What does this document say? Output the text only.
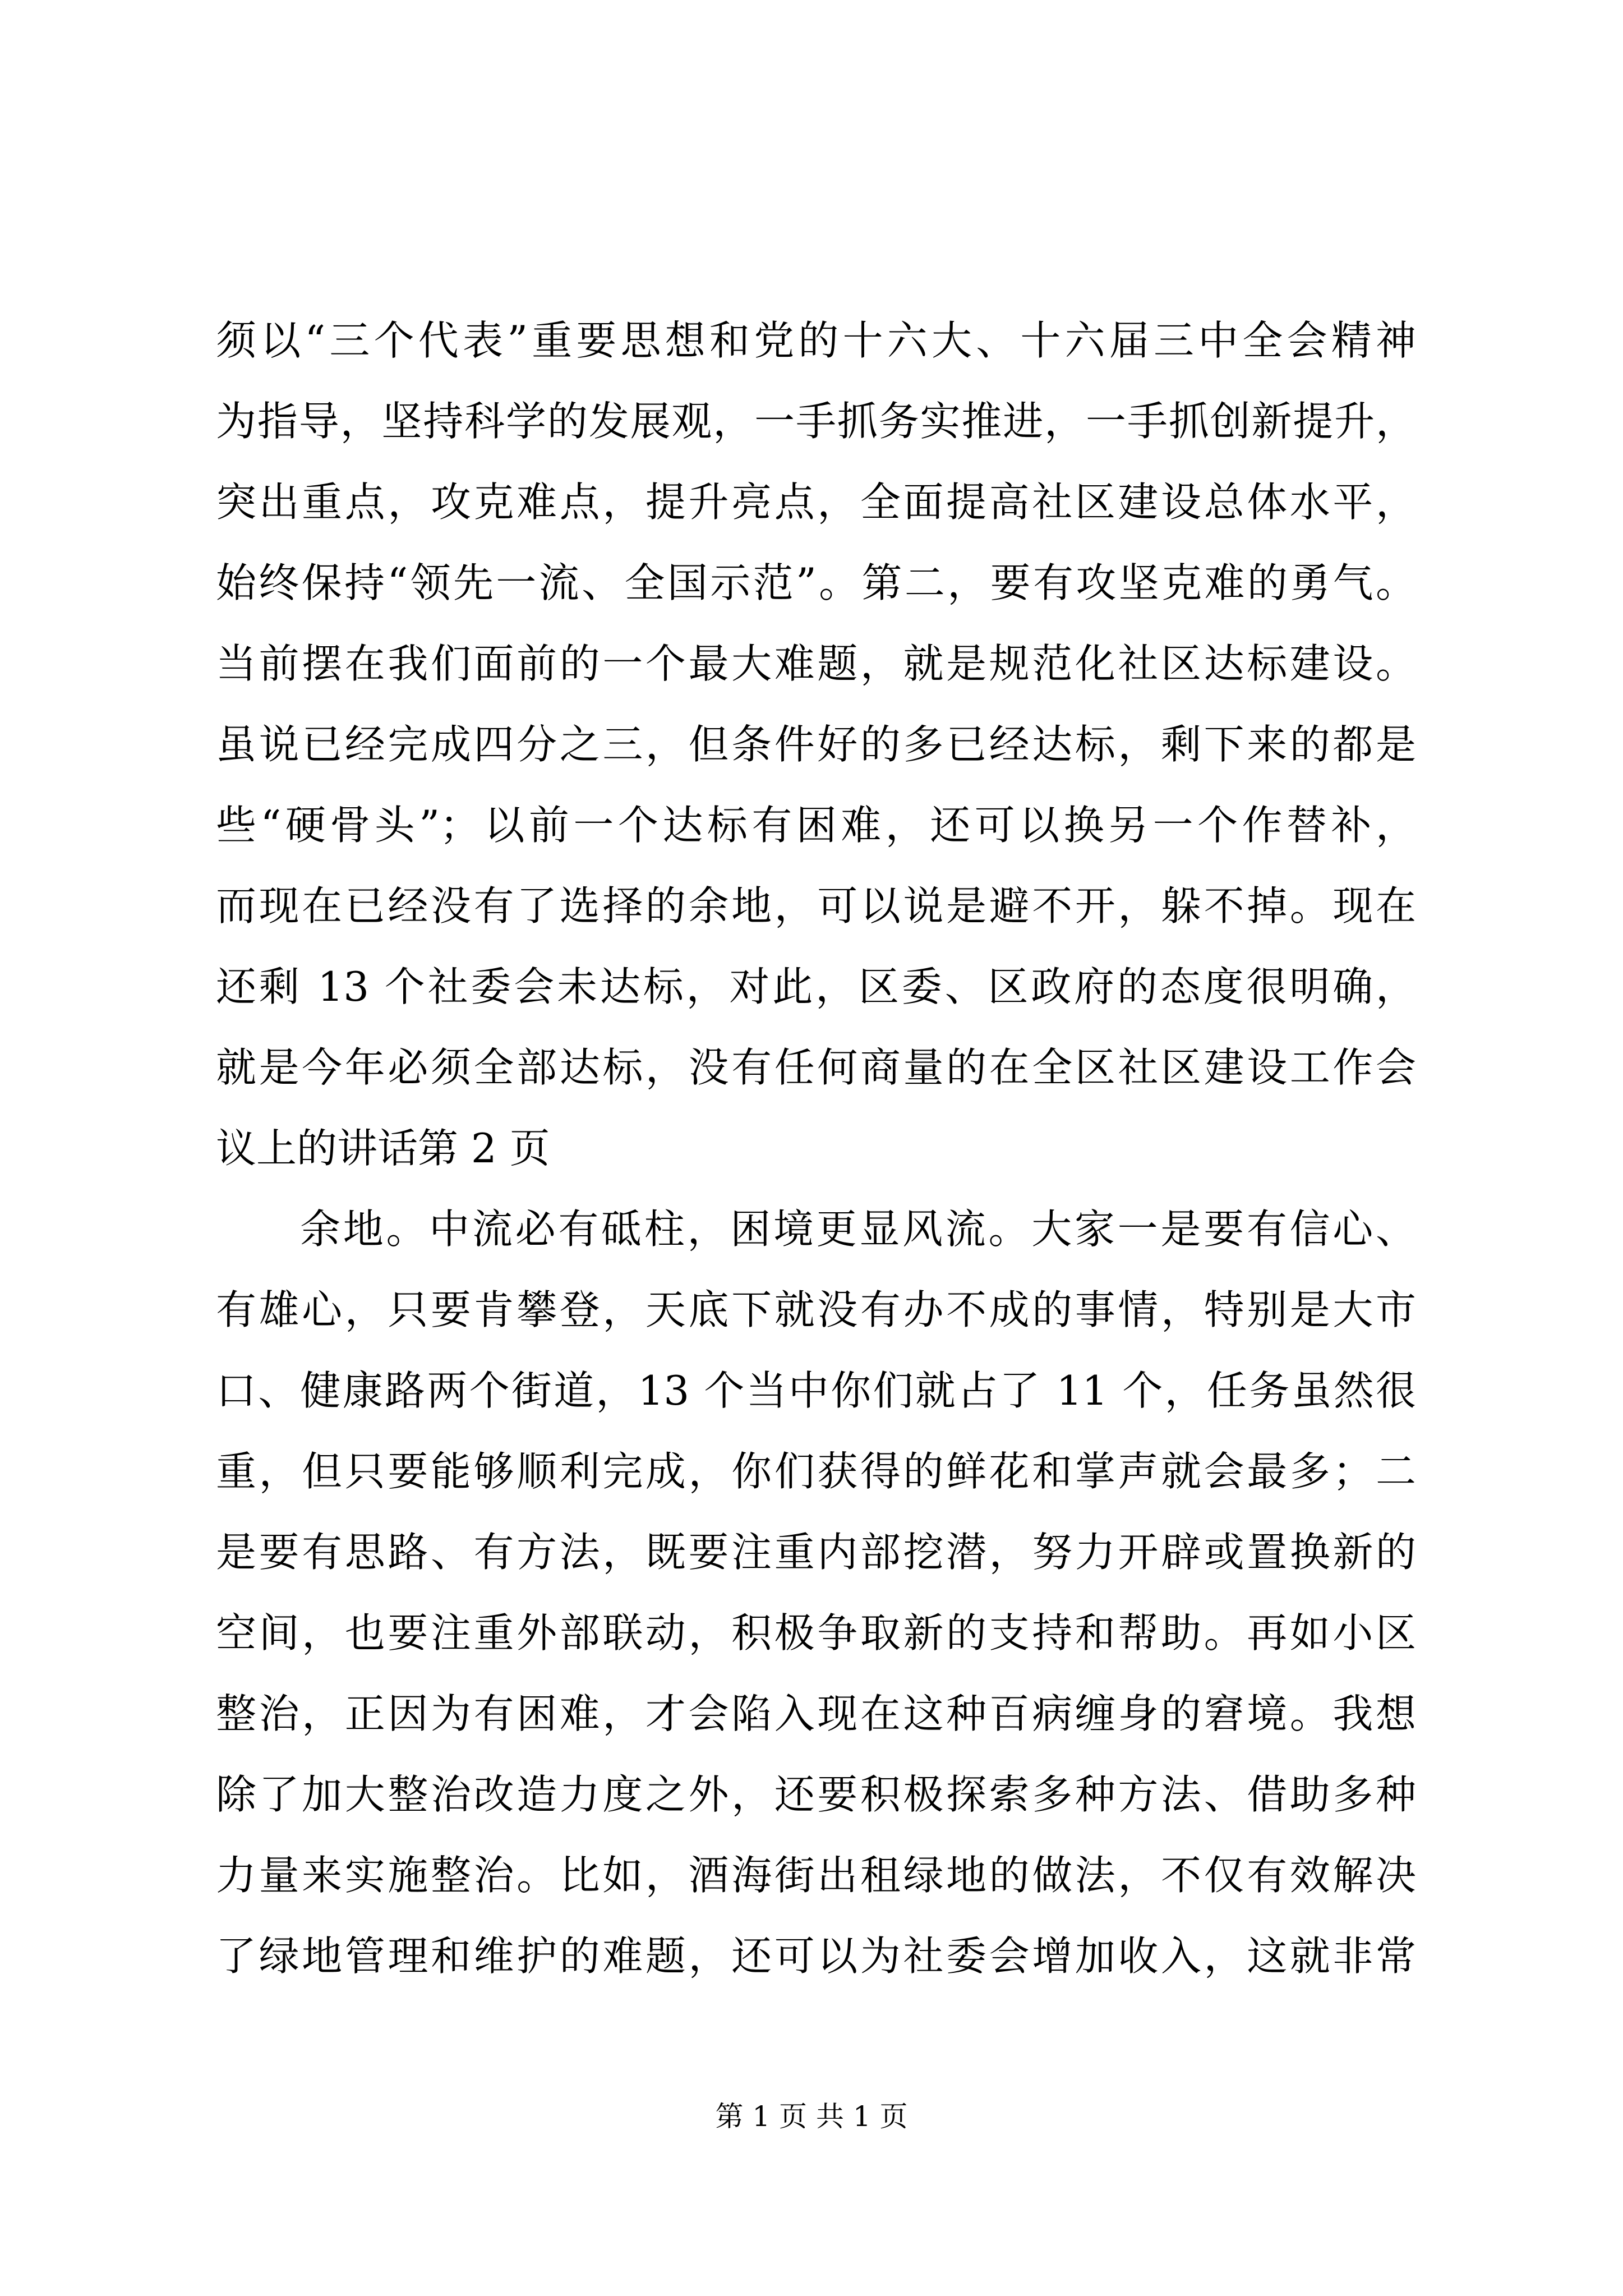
须以“三个代表”重要思想和党的十六大、十六届三中全会精神
为指导，坚持科学的发展观，一手抓务实推进，一手抓创新提升，
突出重点，攻克难点，提升亮点，全面提高社区建设总体水平，
始终保持“领先一流、全国示范”。第二，要有攻坚克难的勇气。
当前摆在我们面前的一个最大难题，就是规范化社区达标建设。
虽说已经完成四分之三，但条件好的多已经达标，剩下来的都是
些“硬骨头”；以前一个达标有困难，还可以换另一个作替补，
而现在已经没有了选择的余地，可以说是避不开，躲不掉。现在
还剩 13 个社委会未达标，对此，区委、区政府的态度很明确，
就是今年必须全部达标，没有任何商量的在全区社区建设工作会
议上的讲话第 2 页
余地。中流必有砥柱，困境更显风流。大家一是要有信心、
有雄心，只要肯攀登，天底下就没有办不成的事情，特别是大市
口、健康路两个街道，13 个当中你们就占了 11 个，任务虽然很
重，但只要能够顺利完成，你们获得的鲜花和掌声就会最多；二
是要有思路、有方法，既要注重内部挖潜，努力开辟或置换新的
空间，也要注重外部联动，积极争取新的支持和帮助。再如小区
整治，正因为有困难，才会陷入现在这种百病缠身的窘境。我想
除了加大整治改造力度之外，还要积极探索多种方法、借助多种
力量来实施整治。比如，酒海街出租绿地的做法，不仅有效解决
了绿地管理和维护的难题，还可以为社委会增加收入，这就非常
第 1 页 共 1 页
